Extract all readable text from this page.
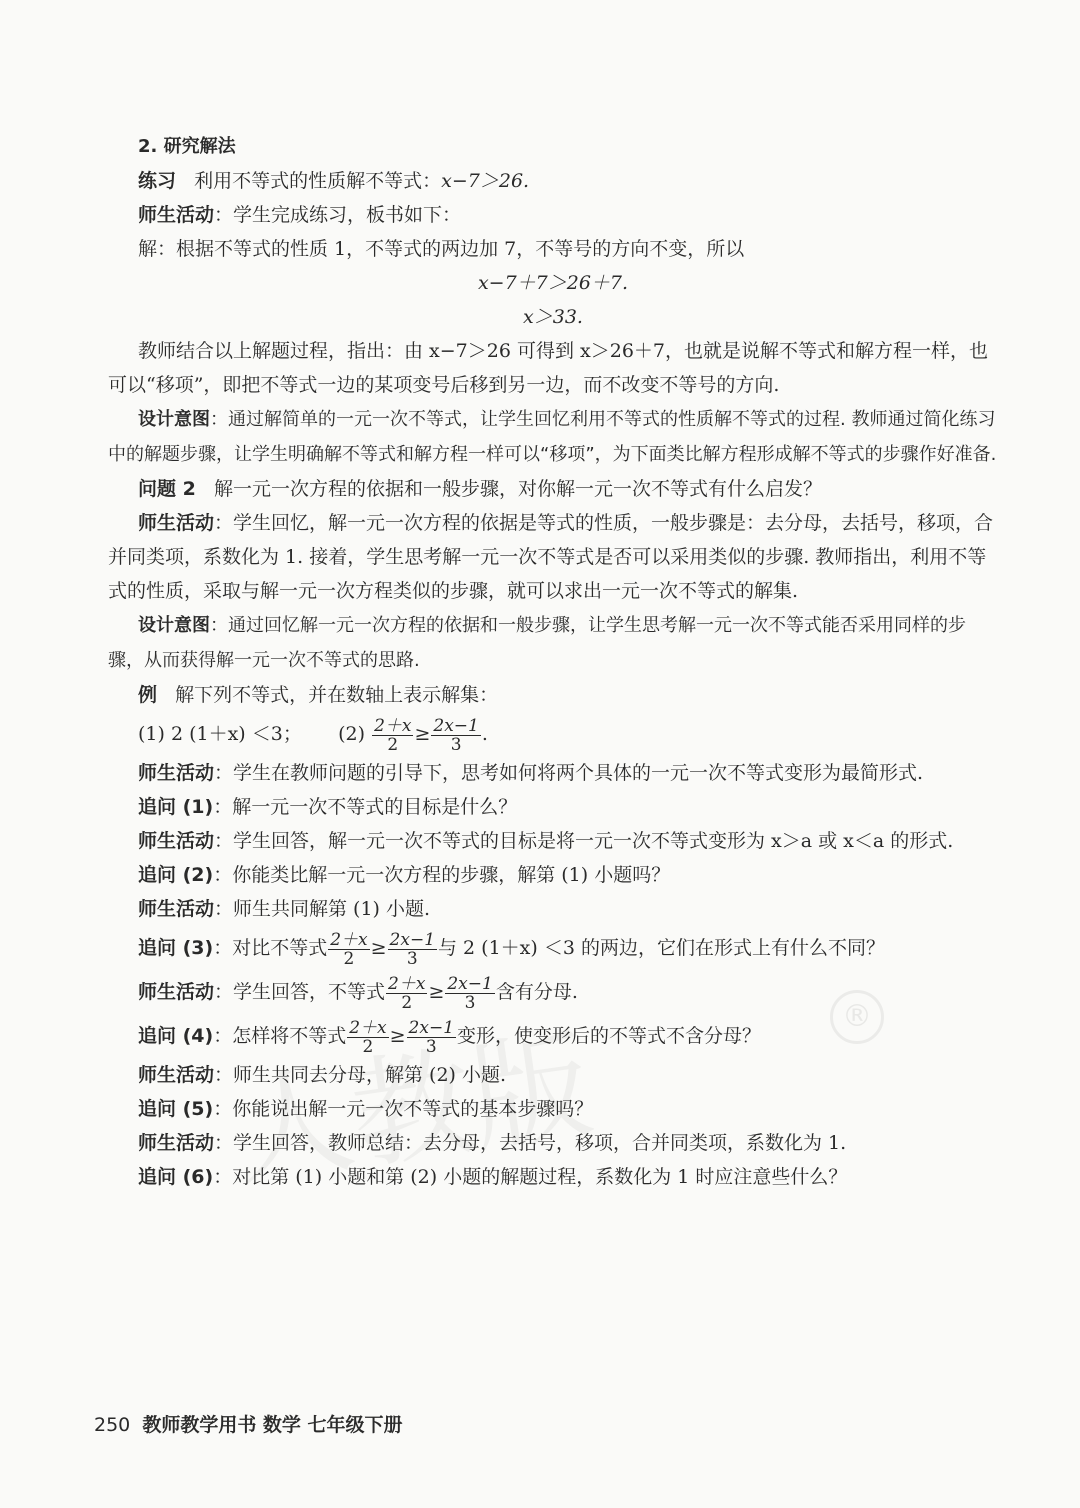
®

2. 研究解法

练习 利用不等式的性质解不等式：x−7＞26.

师生活动：学生完成练习，板书如下：

解：根据不等式的性质 1，不等式的两边加 7，不等号的方向不变，所以

x−7＋7＞26＋7.

x＞33.

教师结合以上解题过程，指出：由 x−7＞26 可得到 x＞26＋7，也就是说解不等式和解方程一样，也可以“移项”，即把不等式一边的某项变号后移到另一边，而不改变不等号的方向.

设计意图：通过解简单的一元一次不等式，让学生回忆利用不等式的性质解不等式的过程. 教师通过简化练习中的解题步骤，让学生明确解不等式和解方程一样可以“移项”，为下面类比解方程形成解不等式的步骤作好准备.

问题 2 解一元一次方程的依据和一般步骤，对你解一元一次不等式有什么启发？

师生活动：学生回忆，解一元一次方程的依据是等式的性质，一般步骤是：去分母，去括号，移项，合并同类项，系数化为 1. 接着，学生思考解一元一次不等式是否可以采用类似的步骤. 教师指出，利用不等式的性质，采取与解一元一次方程类似的步骤，就可以求出一元一次不等式的解集.

设计意图：通过回忆解一元一次方程的依据和一般步骤，让学生思考解一元一次不等式能否采用同样的步骤，从而获得解一元一次不等式的思路.

例 解下列不等式，并在数轴上表示解集：

(1) 2 (1＋x) ＜3； $(2) \frac{2+x}{2} \ge \frac{2x-1}{3}$ .

师生活动：学生在教师问题的引导下，思考如何将两个具体的一元一次不等式变形为最简形式.

追问 (1)：解一元一次不等式的目标是什么？

师生活动：学生回答，解一元一次不等式的目标是将一元一次不等式变形为 x＞a 或 x＜a 的形式.

追问 (2)：你能类比解一元一次方程的步骤，解第 (1) 小题吗？

师生活动：师生共同解第 (1) 小题.

追问 (3)：对比不等式 $\frac{2+x}{2} \ge \frac{2x-1}{3}$ 与 2 (1＋x) ＜3 的两边，它们在形式上有什么不同？

师生活动：学生回答，不等式 $\frac{2+x}{2} \ge \frac{2x-1}{3}$ 含有分母.

追问 (4)：怎样将不等式 $\frac{2+x}{2} \ge \frac{2x-1}{3}$ 变形，使变形后的不等式不含分母？

师生活动：师生共同去分母，解第 (2) 小题.

追问 (5)：你能说出解一元一次不等式的基本步骤吗？

师生活动：学生回答，教师总结：去分母，去括号，移项，合并同类项，系数化为 1.

追问 (6)：对比第 (1) 小题和第 (2) 小题的解题过程，系数化为 1 时应注意些什么？

250 教师教学用书 数学 七年级下册
